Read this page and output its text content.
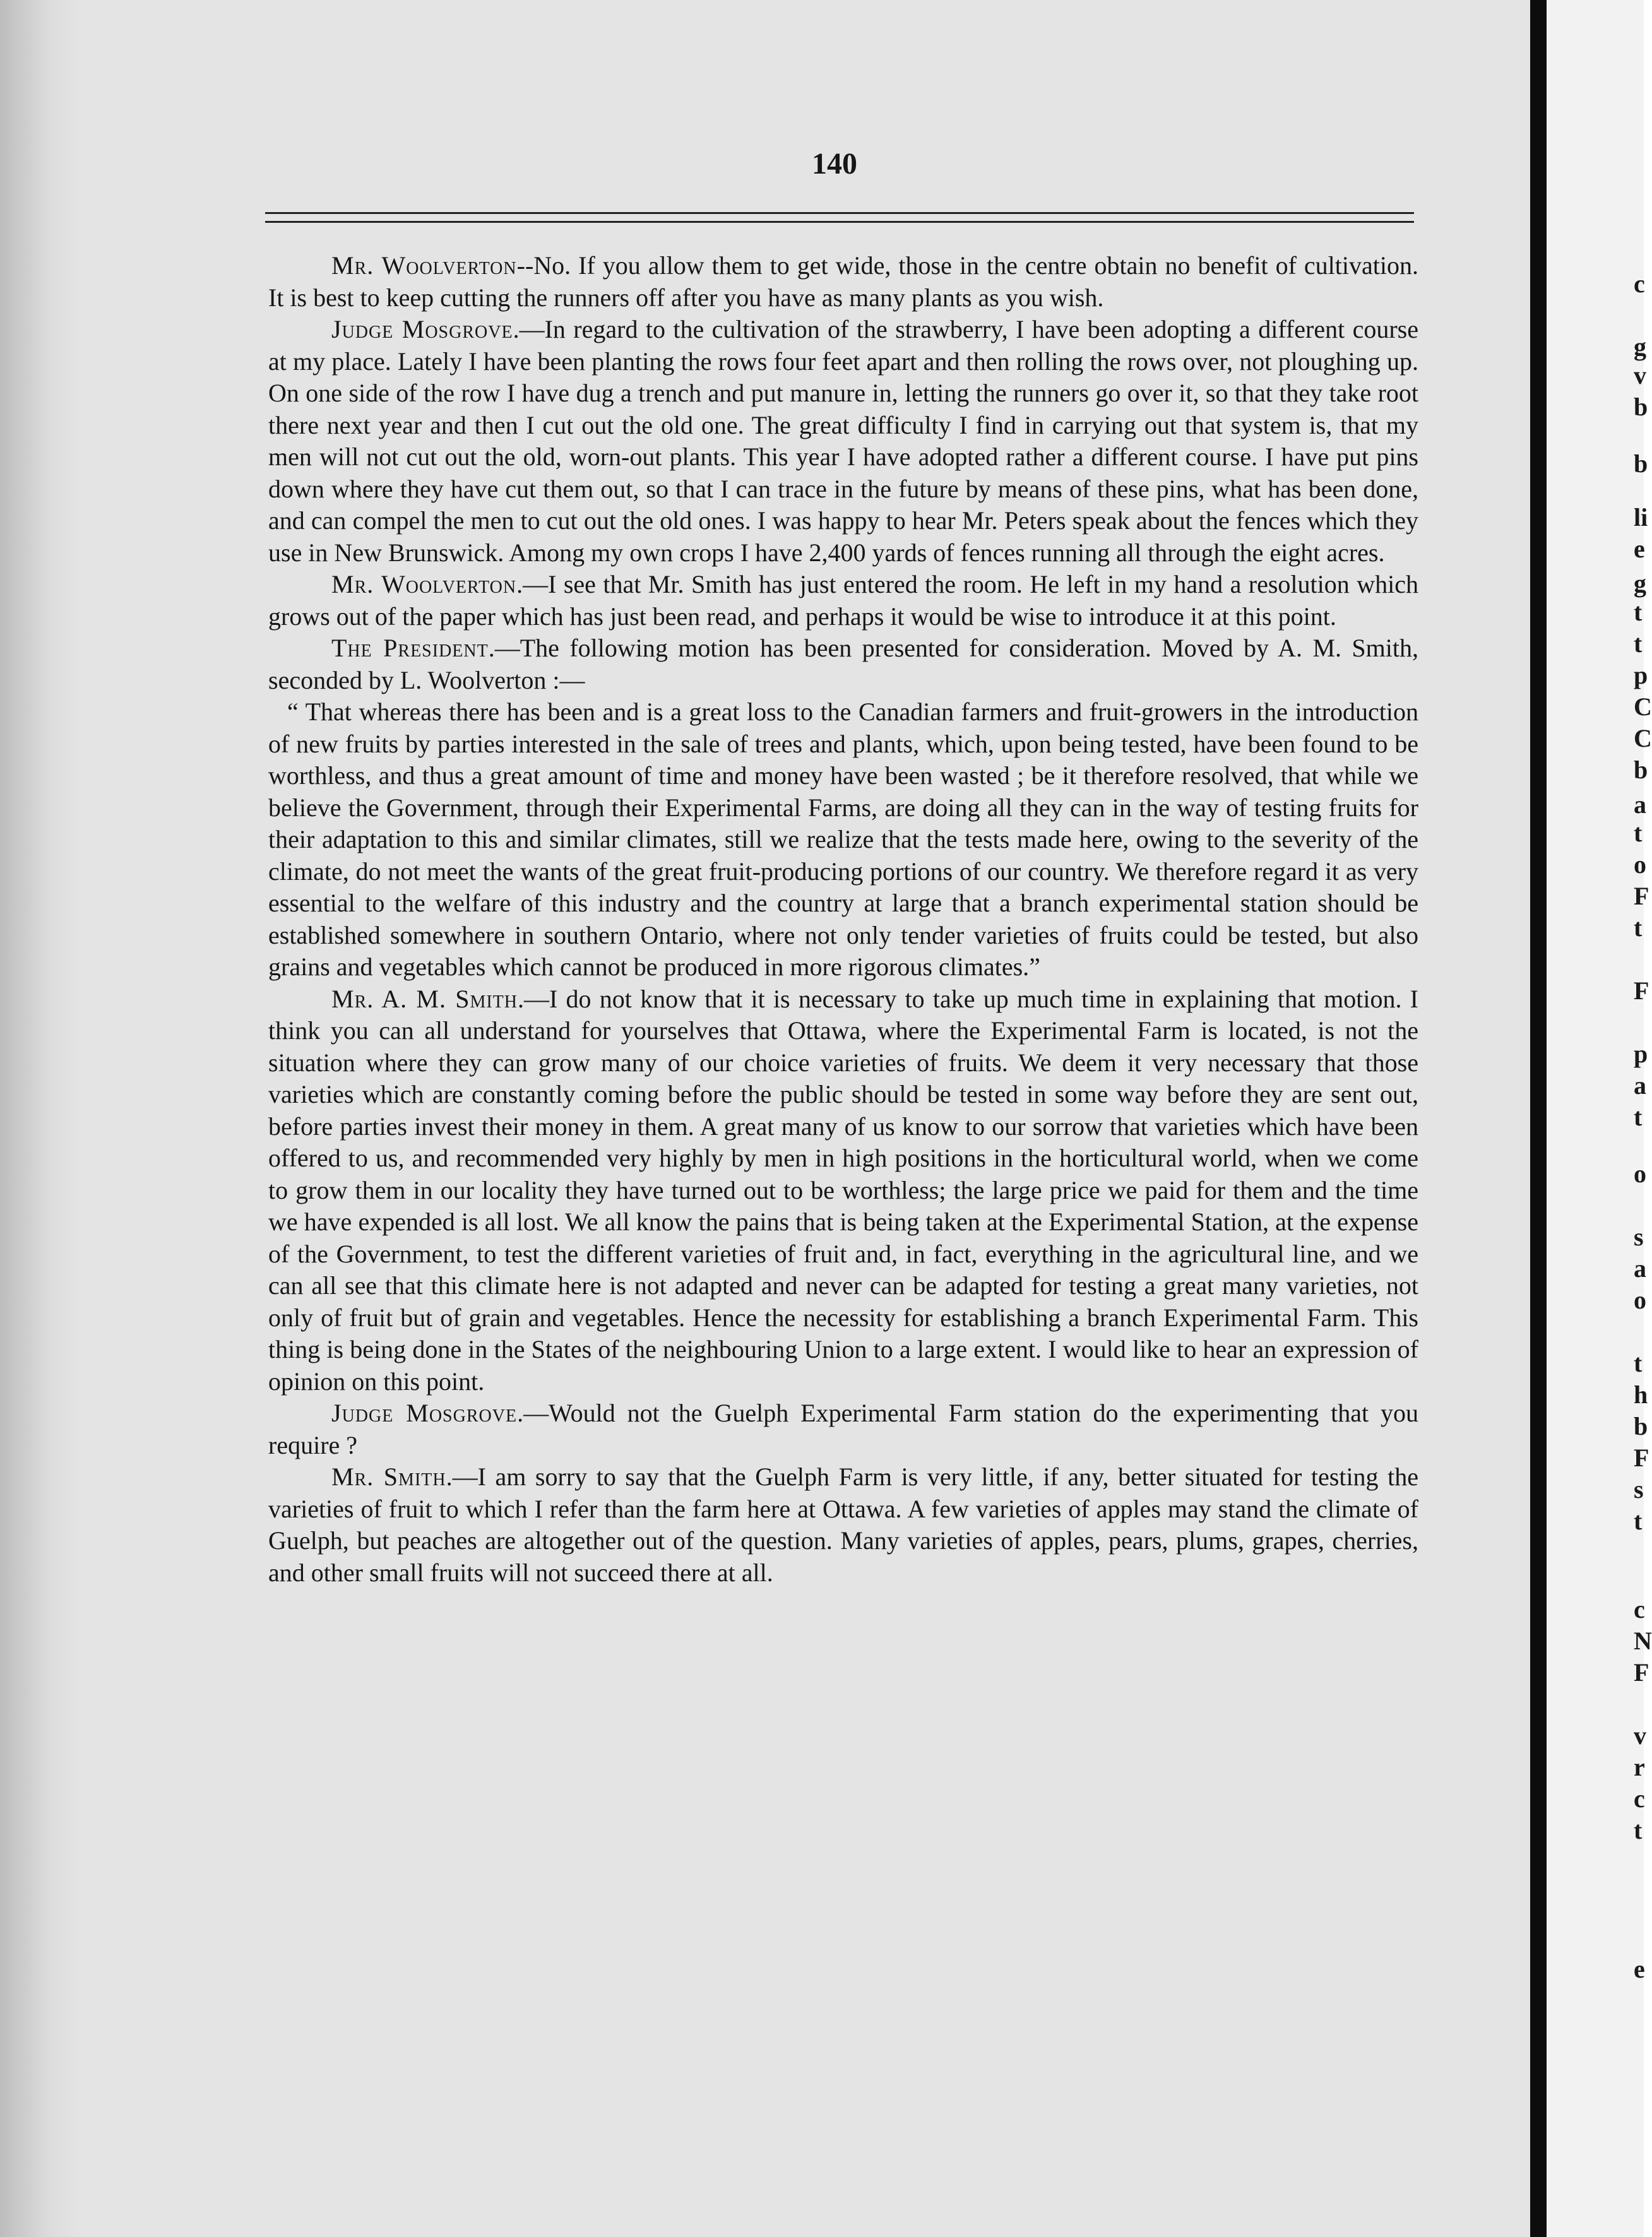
c
g
v
b
b
li
e
g
t
t
p
C
C
b
a
t
o
F
t
F
p
a
t
o
s
a
o
t
h
b
F
s
t
c
N
F
v
r
c
t
e
140

Mr. Woolverton--No. If you allow them to get wide, those in the centre obtain no benefit of cultivation. It is best to keep cutting the runners off after you have as many plants as you wish.

Judge Mosgrove.—In regard to the cultivation of the strawberry, I have been adopting a different course at my place. Lately I have been planting the rows four feet apart and then rolling the rows over, not ploughing up. On one side of the row I have dug a trench and put manure in, letting the runners go over it, so that they take root there next year and then I cut out the old one. The great difficulty I find in carrying out that system is, that my men will not cut out the old, worn-out plants. This year I have adopted rather a different course. I have put pins down where they have cut them out, so that I can trace in the future by means of these pins, what has been done, and can compel the men to cut out the old ones. I was happy to hear Mr. Peters speak about the fences which they use in New Brunswick. Among my own crops I have 2,400 yards of fences running all through the eight acres.

Mr. Woolverton.—I see that Mr. Smith has just entered the room. He left in my hand a resolution which grows out of the paper which has just been read, and perhaps it would be wise to introduce it at this point.

The President.—The following motion has been presented for consideration. Moved by A. M. Smith, seconded by L. Woolverton :—

“ That whereas there has been and is a great loss to the Canadian farmers and fruit-growers in the introduction of new fruits by parties interested in the sale of trees and plants, which, upon being tested, have been found to be worthless, and thus a great amount of time and money have been wasted ; be it therefore resolved, that while we believe the Government, through their Experimental Farms, are doing all they can in the way of testing fruits for their adaptation to this and similar climates, still we realize that the tests made here, owing to the severity of the climate, do not meet the wants of the great fruit-producing portions of our country. We therefore regard it as very essential to the welfare of this industry and the country at large that a branch experimental station should be established somewhere in southern Ontario, where not only tender varieties of fruits could be tested, but also grains and vegetables which cannot be produced in more rigorous climates.”

Mr. A. M. Smith.—I do not know that it is necessary to take up much time in explaining that motion. I think you can all understand for yourselves that Ottawa, where the Experimental Farm is located, is not the situation where they can grow many of our choice varieties of fruits. We deem it very necessary that those varieties which are constantly coming before the public should be tested in some way before they are sent out, before parties invest their money in them. A great many of us know to our sorrow that varieties which have been offered to us, and recommended very highly by men in high positions in the horticultural world, when we come to grow them in our locality they have turned out to be worthless; the large price we paid for them and the time we have expended is all lost. We all know the pains that is being taken at the Experimental Station, at the expense of the Government, to test the different varieties of fruit and, in fact, everything in the agricultural line, and we can all see that this climate here is not adapted and never can be adapted for testing a great many varieties, not only of fruit but of grain and vegetables. Hence the necessity for establishing a branch Experimental Farm. This thing is being done in the States of the neighbouring Union to a large extent. I would like to hear an expression of opinion on this point.

Judge Mosgrove.—Would not the Guelph Experimental Farm station do the experimenting that you require ?

Mr. Smith.—I am sorry to say that the Guelph Farm is very little, if any, better situated for testing the varieties of fruit to which I refer than the farm here at Ottawa. A few varieties of apples may stand the climate of Guelph, but peaches are altogether out of the question. Many varieties of apples, pears, plums, grapes, cherries, and other small fruits will not succeed there at all.
